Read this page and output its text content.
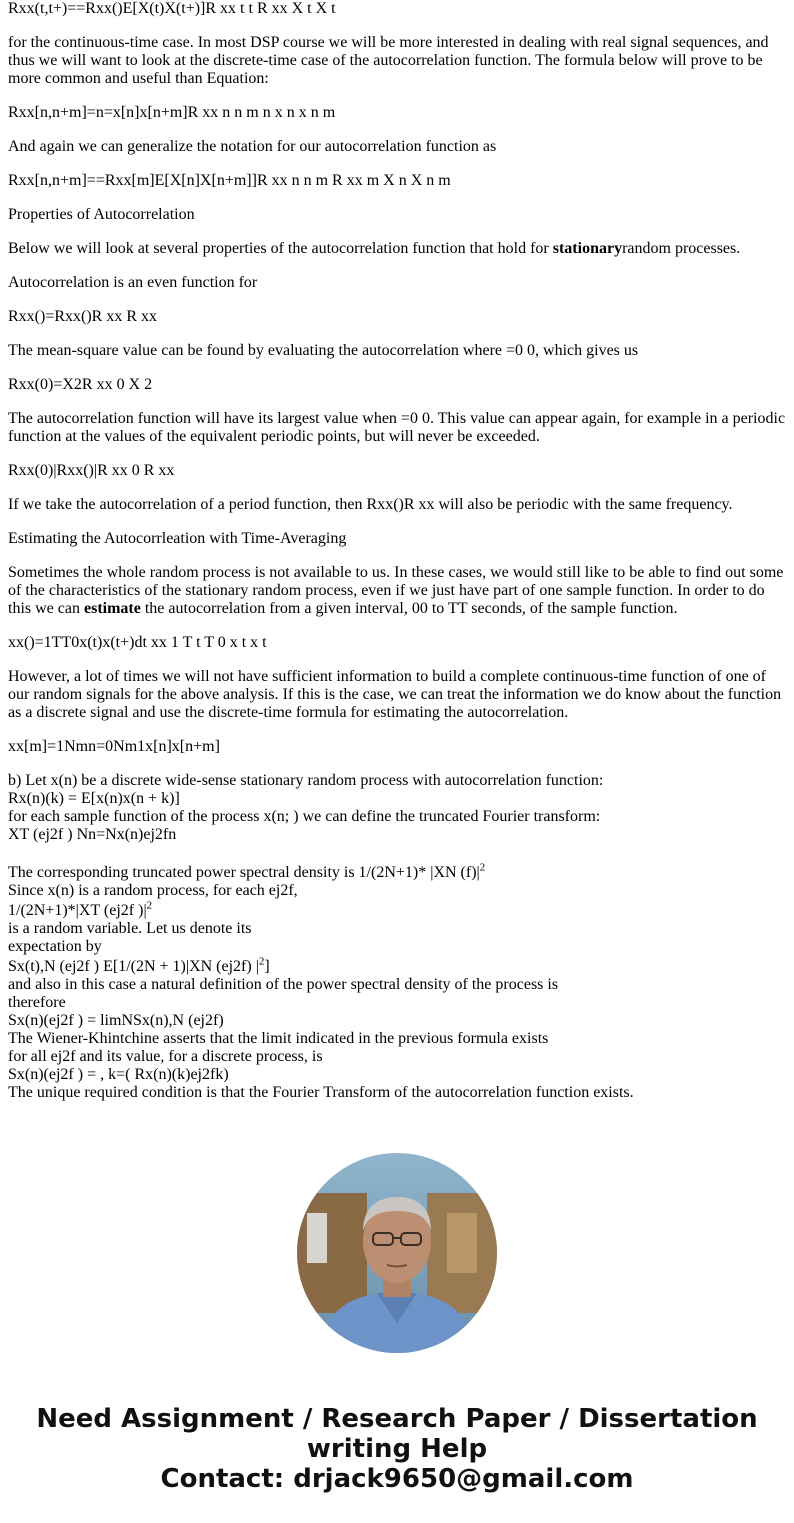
Rxx(t,t+)==Rxx()E[X(t)X(t+)]R xx t t R xx X t X t

for the continuous-time case. In most DSP course we will be more interested in dealing with real signal sequences, and thus we will want to look at the discrete-time case of the autocorrelation function. The formula below will prove to be more common and useful than Equation:

Rxx[n,n+m]=n=x[n]x[n+m]R xx n n m n x n x n m

And again we can generalize the notation for our autocorrelation function as

Rxx[n,n+m]==Rxx[m]E[X[n]X[n+m]]R xx n n m R xx m X n X n m

Properties of Autocorrelation

Below we will look at several properties of the autocorrelation function that hold for stationaryrandom processes.

Autocorrelation is an even function for

Rxx()=Rxx()R xx R xx

The mean-square value can be found by evaluating the autocorrelation where =0 0, which gives us

Rxx(0)=X2R xx 0 X 2

The autocorrelation function will have its largest value when =0 0. This value can appear again, for example in a periodic function at the values of the equivalent periodic points, but will never be exceeded.

Rxx(0)|Rxx()|R xx 0 R xx

If we take the autocorrelation of a period function, then Rxx()R xx will also be periodic with the same frequency.

Estimating the Autocorrleation with Time-Averaging

Sometimes the whole random process is not available to us. In these cases, we would still like to be able to find out some of the characteristics of the stationary random process, even if we just have part of one sample function. In order to do this we can estimate the autocorrelation from a given interval, 00 to TT seconds, of the sample function.

xx()=1TT0x(t)x(t+)dt xx 1 T t T 0 x t x t

However, a lot of times we will not have sufficient information to build a complete continuous-time function of one of our random signals for the above analysis. If this is the case, we can treat the information we do know about the function as a discrete signal and use the discrete-time formula for estimating the autocorrelation.

xx[m]=1Nmn=0Nm1x[n]x[n+m]

b) Let x(n) be a discrete wide-sense stationary random process with autocorrelation function:
Rx(n)(k) = E[x(n)x(n + k)]
for each sample function of the process x(n; ) we can define the truncated Fourier transform:
XT (ej2f ) Nn=Nx(n)ej2fn
The corresponding truncated power spectral density is 1/(2N+1)* |XN $(f)|^2$
Since x(n) is a random process, for each ej2f,
1/(2N+1)*|XT (ej2f )$|^2$
is a random variable. Let us denote its
expectation by
Sx(t),N (ej2f ) E[1/(2N + 1)|XN (ej2f) $|^2$]
and also in this case a natural definition of the power spectral density of the process is
therefore
Sx(n)(ej2f ) = limNSx(n),N (ej2f)
The Wiener-Khintchine asserts that the limit indicated in the previous formula exists
for all ej2f and its value, for a discrete process, is
Sx(n)(ej2f ) = , k=( Rx(n)(k)ej2fk)
The unique required condition is that the Fourier Transform of the autocorrelation function exists.
Need Assignment / Research Paper / Dissertation
writing Help
Contact: drjack9650@gmail.com
